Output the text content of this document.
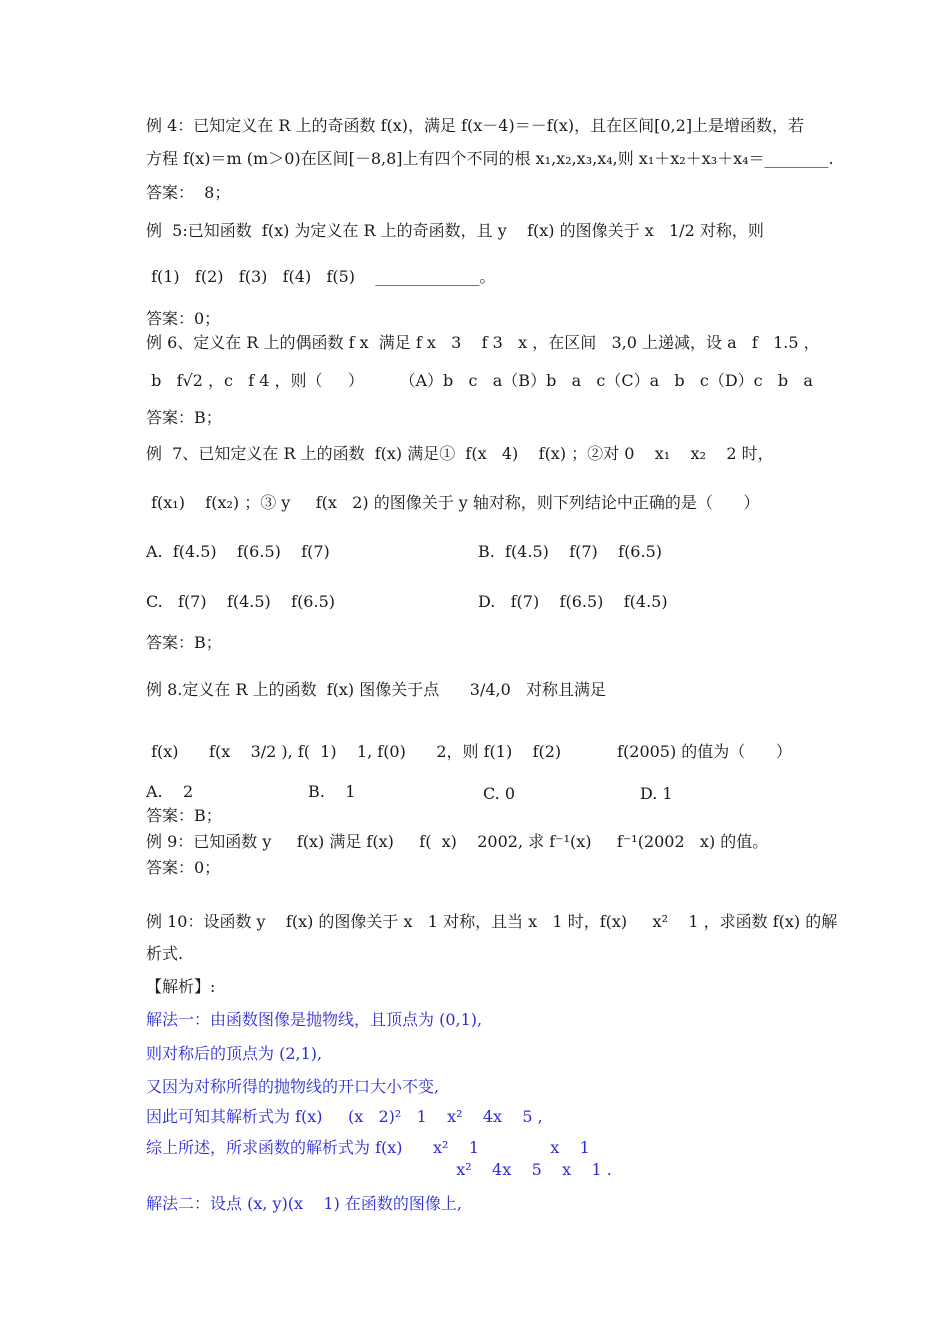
例 4：已知定义在 R 上的奇函数 f(x)，满足 f(x－4)＝－f(x)，且在区间[0,2]上是增函数，若
方程 f(x)＝m (m＞0)在区间[－8,8]上有四个不同的根 x₁,x₂,x₃,x₄,则 x₁＋x₂＋x₃＋x₄＝________.
答案：  8；
例  5:已知函数  f(x) 为定义在 R 上的奇函数，且 y    f(x) 的图像关于 x   1/2 对称，则
f(1)   f(2)   f(3)   f(4)   f(5)    _____________。
答案：0；
例 6、定义在 R 上的偶函数 f x  满足 f x   3    f 3   x ，在区间   3,0 上递减，设 a   f   1.5 ，
b   f√2 ，c   f 4 ，则（     ）       （A）b   c   a（B）b   a   c（C）a   b   c（D）c   b   a
答案：B；
例  7、已知定义在 R 上的函数  f(x) 满足①  f(x   4)    f(x) ；②对 0    x₁    x₂    2 时，
f(x₁)    f(x₂) ；③ y     f(x   2) 的图像关于 y 轴对称，则下列结论中正确的是（      ）
A.  f(4.5)    f(6.5)    f(7)	B.  f(4.5)    f(7)    f(6.5)
C.   f(7)    f(4.5)    f(6.5)	D.   f(7)    f(6.5)    f(4.5)
答案：B；
例 8.定义在 R 上的函数  f(x) 图像关于点      3/4,0   对称且满足
f(x)      f(x    3/2 ), f(  1)    1, f(0)      2，则 f(1)    f(2)           f(2005) 的值为（      ）
A.    2	B.    1	C. 0	D. 1
答案：B；
例 9：已知函数 y     f(x) 满足 f(x)     f(  x)    2002, 求 f⁻¹(x)     f⁻¹(2002   x) 的值。
答案：0；
例 10：设函数 y    f(x) 的图像关于 x   1 对称，且当 x   1 时，f(x)     x²    1 ，求函数 f(x) 的解
析式.
【解析】:
解法一：由函数图像是抛物线，且顶点为 (0,1),
则对称后的顶点为 (2,1),
又因为对称所得的抛物线的开口大小不变,
因此可知其解析式为 f(x)     (x   2)²   1    x²    4x    5 ,
综上所述，所求函数的解析式为 f(x)      x²    1              x    1
x²    4x    5    x    1 .
解法二：设点 (x, y)(x    1) 在函数的图像上,
